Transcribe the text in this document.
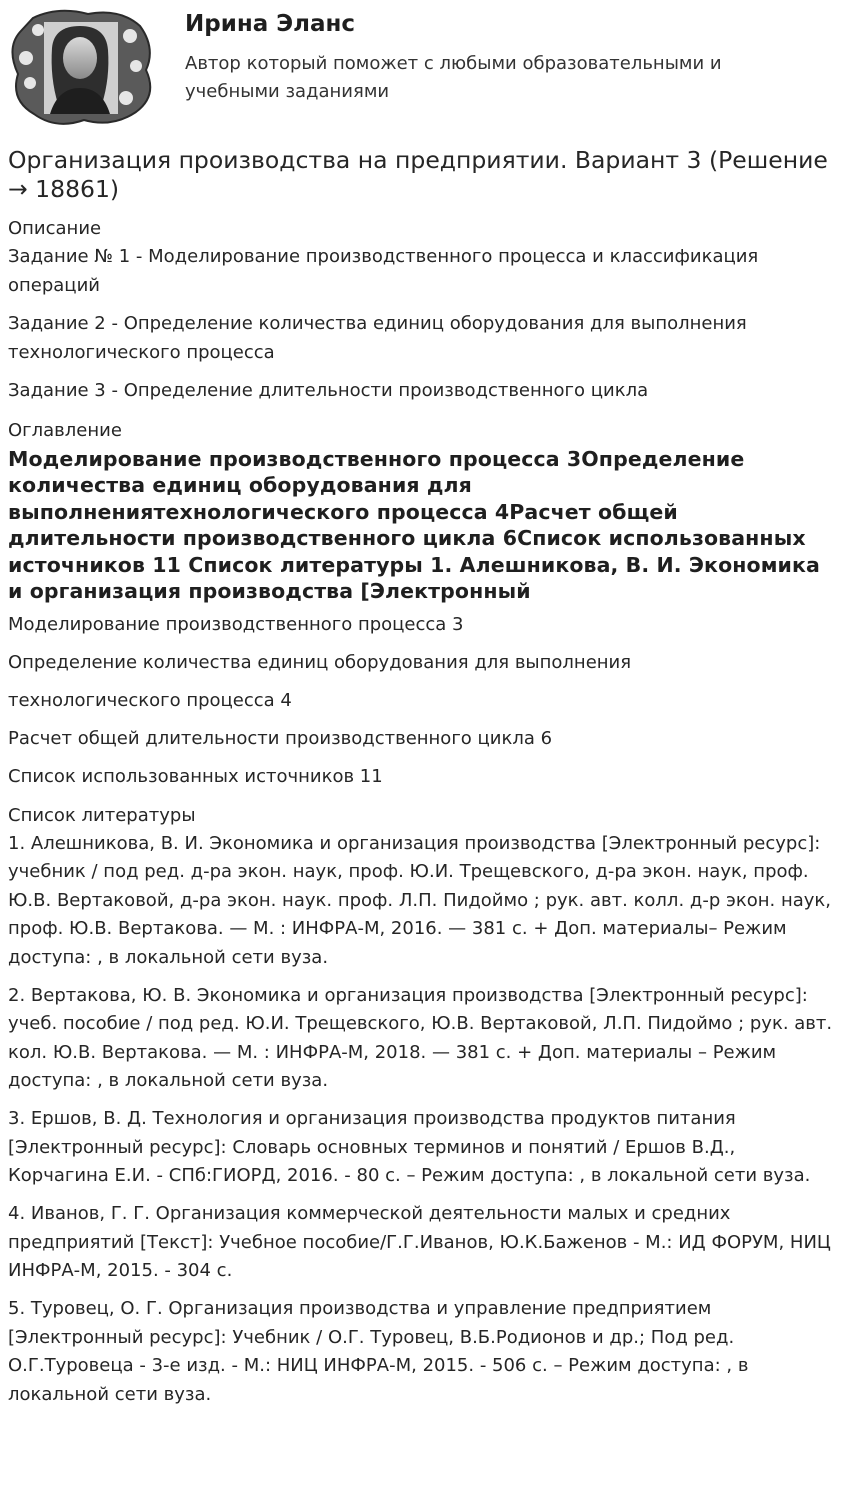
Ирина Эланс

Автор который поможет с любыми образовательными и учебными заданиями

Организация производства на предприятии. Вариант 3 (Решение → 18861)

Описание

Задание № 1 - Моделирование производственного процесса и классификация операций

Задание 2 - Определение количества единиц оборудования для выполнения технологического процесса

Задание 3 - Определение длительности производственного цикла

Оглавление

Моделирование производственного процесса 3Определение количества единиц оборудования для выполнениятехнологического процесса 4Расчет общей длительности производственного цикла 6Список использованных источников 11 Список литературы 1. Алешникова, В. И. Экономика и организация производства [Электронный

Моделирование производственного процесса 3

Определение количества единиц оборудования для выполнения

технологического процесса 4

Расчет общей длительности производственного цикла 6

Список использованных источников 11

Список литературы

1. Алешникова, В. И. Экономика и организация производства [Электронный ресурс]: учебник / под ред. д-ра экон. наук, проф. Ю.И. Трещевского, д-ра экон. наук, проф. Ю.В. Вертаковой, д-ра экон. наук. проф. Л.П. Пидоймо ; рук. авт. колл. д-р экон. наук, проф. Ю.В. Вертакова. — М. : ИНФРА-М, 2016. — 381 с. + Доп. материалы– Режим доступа: , в локальной сети вуза.

2. Вертакова, Ю. В. Экономика и организация производства [Электронный ресурс]: учеб. пособие / под ред. Ю.И. Трещевского, Ю.В. Вертаковой, Л.П. Пидоймо ; рук. авт. кол. Ю.В. Вертакова. — М. : ИНФРА-М, 2018. — 381 с. + Доп. материалы – Режим доступа: , в локальной сети вуза.

3. Ершов, В. Д. Технология и организация производства продуктов питания [Электронный ресурс]: Словарь основных терминов и понятий / Ершов В.Д., Корчагина Е.И. - СПб:ГИОРД, 2016. - 80 с. – Режим доступа: , в локальной сети вуза.

4. Иванов, Г. Г. Организация коммерческой деятельности малых и средних предприятий [Текст]: Учебное пособие/Г.Г.Иванов, Ю.К.Баженов - М.: ИД ФОРУМ, НИЦ ИНФРА-М, 2015. - 304 с.

5. Туровец, О. Г. Организация производства и управление предприятием [Электронный ресурс]: Учебник / О.Г. Туровец, В.Б.Родионов и др.; Под ред. О.Г.Туровеца - 3-е изд. - М.: НИЦ ИНФРА-М, 2015. - 506 с. – Режим доступа: , в локальной сети вуза.
